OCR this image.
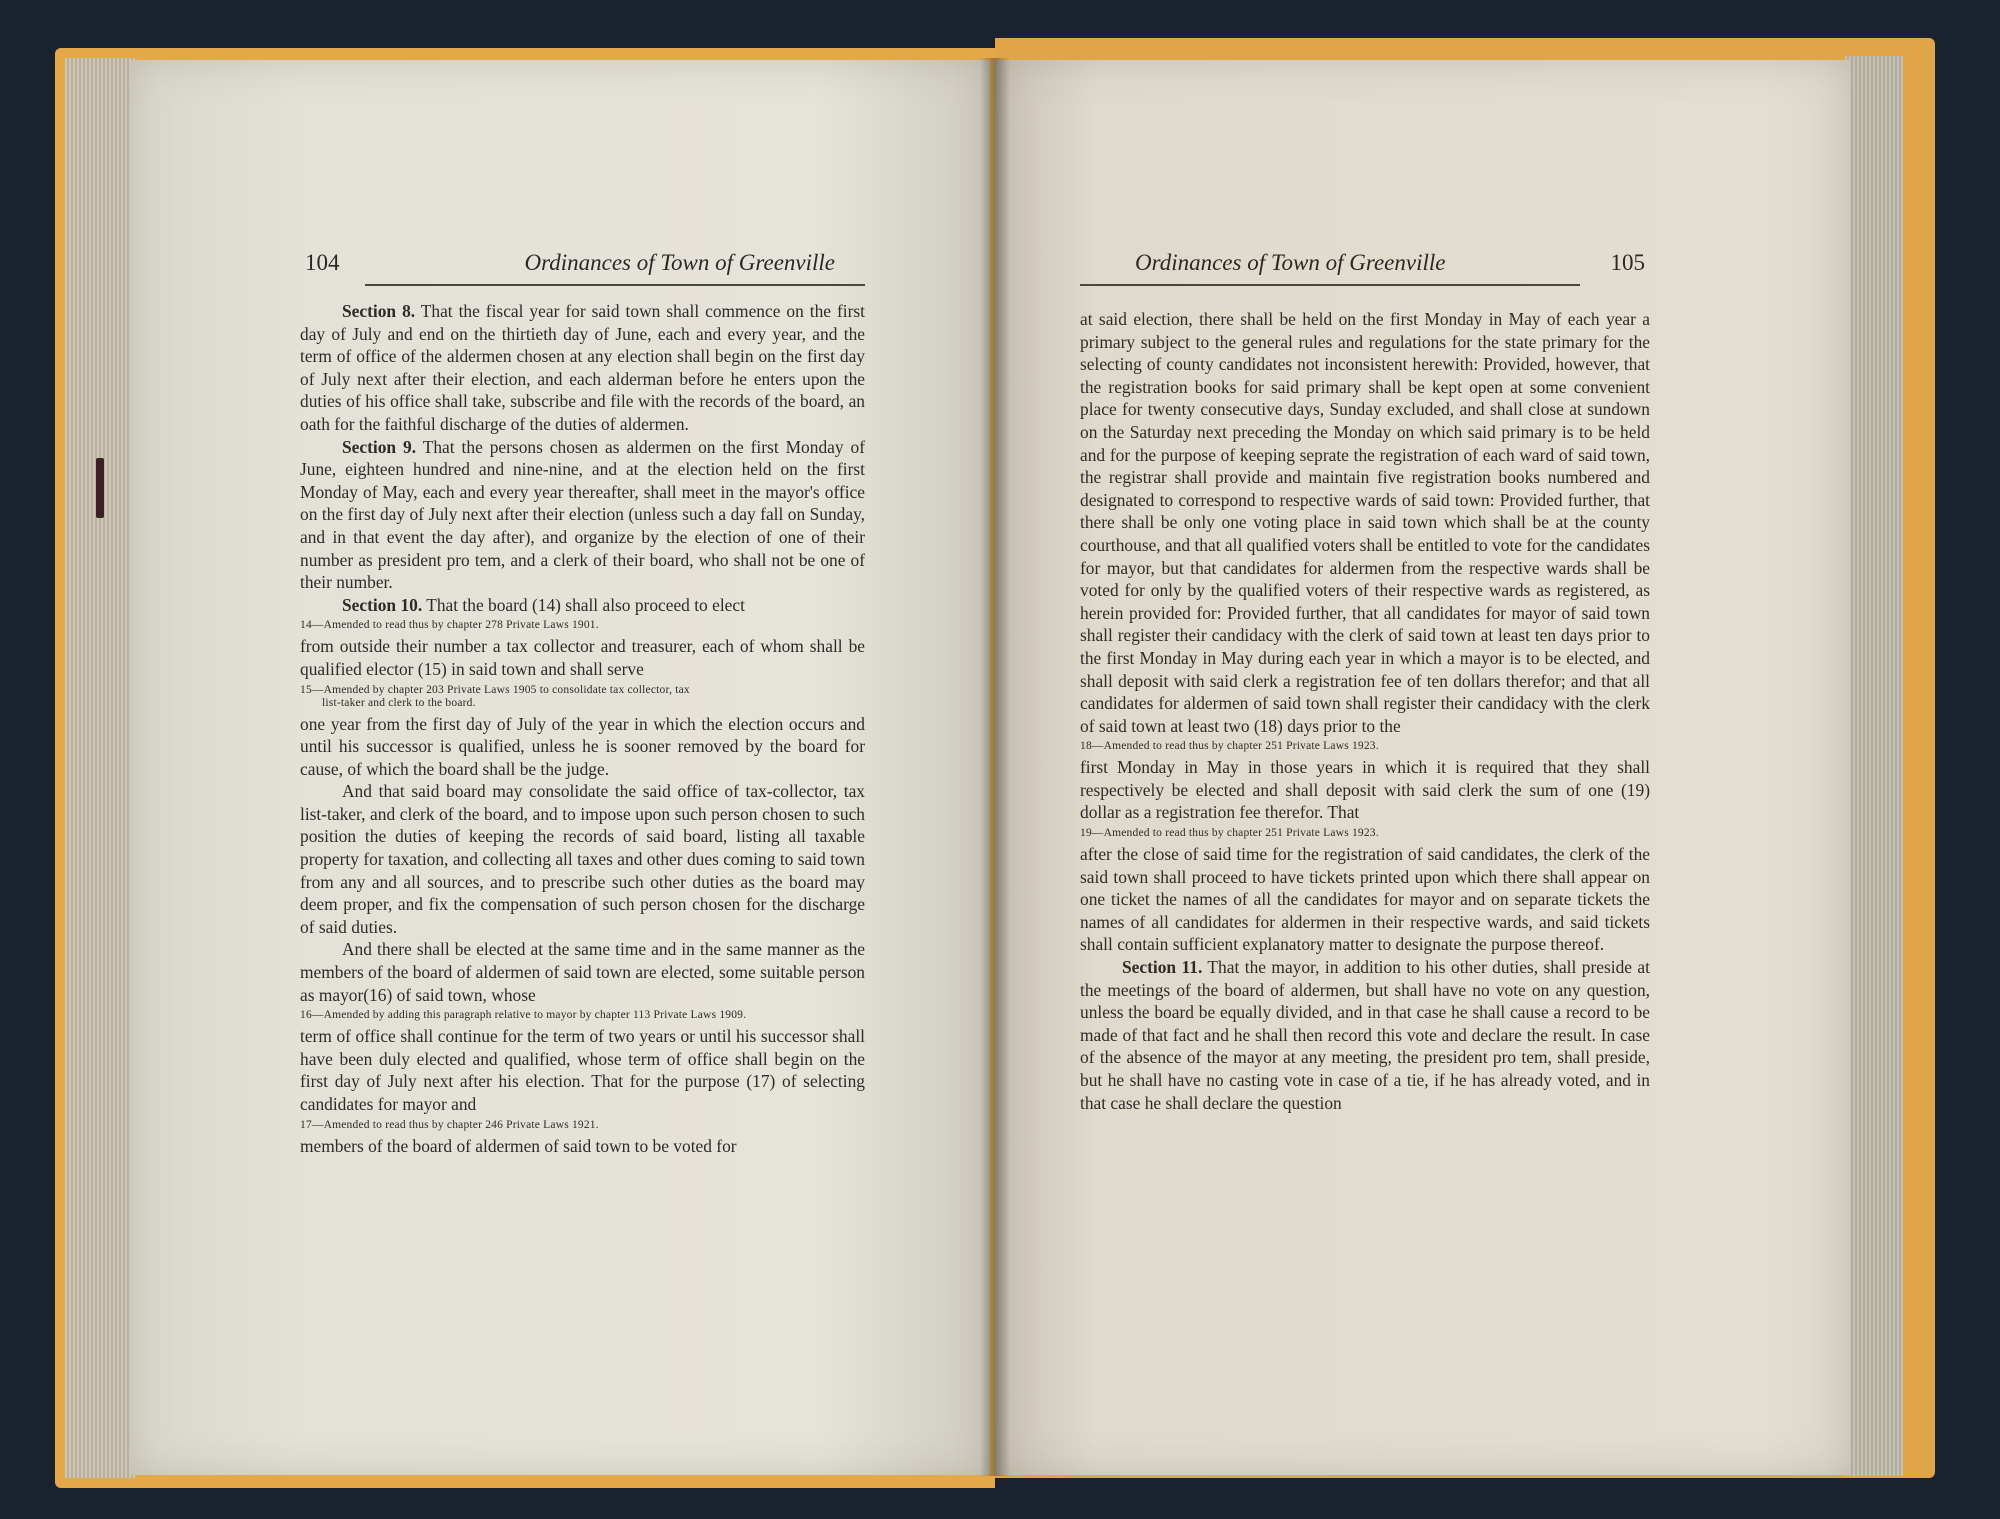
104	Ordinances of Town of Greenville

Section 8. That the fiscal year for said town shall commence on the first day of July and end on the thirtieth day of June, each and every year, and the term of office of the aldermen chosen at any election shall begin on the first day of July next after their election, and each alderman before he enters upon the duties of his office shall take, subscribe and file with the records of the board, an oath for the faithful discharge of the duties of aldermen.

Section 9. That the persons chosen as aldermen on the first Monday of June, eighteen hundred and nine-nine, and at the election held on the first Monday of May, each and every year thereafter, shall meet in the mayor's office on the first day of July next after their election (unless such a day fall on Sunday, and in that event the day after), and organize by the election of one of their number as president pro tem, and a clerk of their board, who shall not be one of their number.

Section 10. That the board (14) shall also proceed to elect

14—Amended to read thus by chapter 278 Private Laws 1901.

from outside their number a tax collector and treasurer, each of whom shall be qualified elector (15) in said town and shall serve

15—Amended by chapter 203 Private Laws 1905 to consolidate tax collector, tax
list-taker and clerk to the board.

one year from the first day of July of the year in which the election occurs and until his successor is qualified, unless he is sooner removed by the board for cause, of which the board shall be the judge.

And that said board may consolidate the said office of tax-collector, tax list-taker, and clerk of the board, and to impose upon such person chosen to such position the duties of keeping the records of said board, listing all taxable property for taxation, and collecting all taxes and other dues coming to said town from any and all sources, and to prescribe such other duties as the board may deem proper, and fix the compensation of such person chosen for the discharge of said duties.

And there shall be elected at the same time and in the same manner as the members of the board of aldermen of said town are elected, some suitable person as mayor(16) of said town, whose

16—Amended by adding this paragraph relative to mayor by chapter 113 Private Laws 1909.

term of office shall continue for the term of two years or until his successor shall have been duly elected and qualified, whose term of office shall begin on the first day of July next after his election. That for the purpose (17) of selecting candidates for mayor and

17—Amended to read thus by chapter 246 Private Laws 1921.

members of the board of aldermen of said town to be voted for

Ordinances of Town of Greenville	105

at said election, there shall be held on the first Monday in May of each year a primary subject to the general rules and regulations for the state primary for the selecting of county candidates not inconsistent herewith: Provided, however, that the registration books for said primary shall be kept open at some convenient place for twenty consecutive days, Sunday excluded, and shall close at sundown on the Saturday next preceding the Monday on which said primary is to be held and for the purpose of keeping seprate the registration of each ward of said town, the registrar shall provide and maintain five registration books numbered and designated to correspond to respective wards of said town: Provided further, that there shall be only one voting place in said town which shall be at the county courthouse, and that all qualified voters shall be entitled to vote for the candidates for mayor, but that candidates for aldermen from the respective wards shall be voted for only by the qualified voters of their respective wards as registered, as herein provided for: Provided further, that all candidates for mayor of said town shall register their candidacy with the clerk of said town at least ten days prior to the first Monday in May during each year in which a mayor is to be elected, and shall deposit with said clerk a registration fee of ten dollars therefor; and that all candidates for aldermen of said town shall register their candidacy with the clerk of said town at least two (18) days prior to the

18—Amended to read thus by chapter 251 Private Laws 1923.

first Monday in May in those years in which it is required that they shall respectively be elected and shall deposit with said clerk the sum of one (19) dollar as a registration fee therefor. That

19—Amended to read thus by chapter 251 Private Laws 1923.

after the close of said time for the registration of said candidates, the clerk of the said town shall proceed to have tickets printed upon which there shall appear on one ticket the names of all the candidates for mayor and on separate tickets the names of all candidates for aldermen in their respective wards, and said tickets shall contain sufficient explanatory matter to designate the purpose thereof.

Section 11. That the mayor, in addition to his other duties, shall preside at the meetings of the board of aldermen, but shall have no vote on any question, unless the board be equally divided, and in that case he shall cause a record to be made of that fact and he shall then record this vote and declare the result. In case of the absence of the mayor at any meeting, the president pro tem, shall preside, but he shall have no casting vote in case of a tie, if he has already voted, and in that case he shall declare the question
